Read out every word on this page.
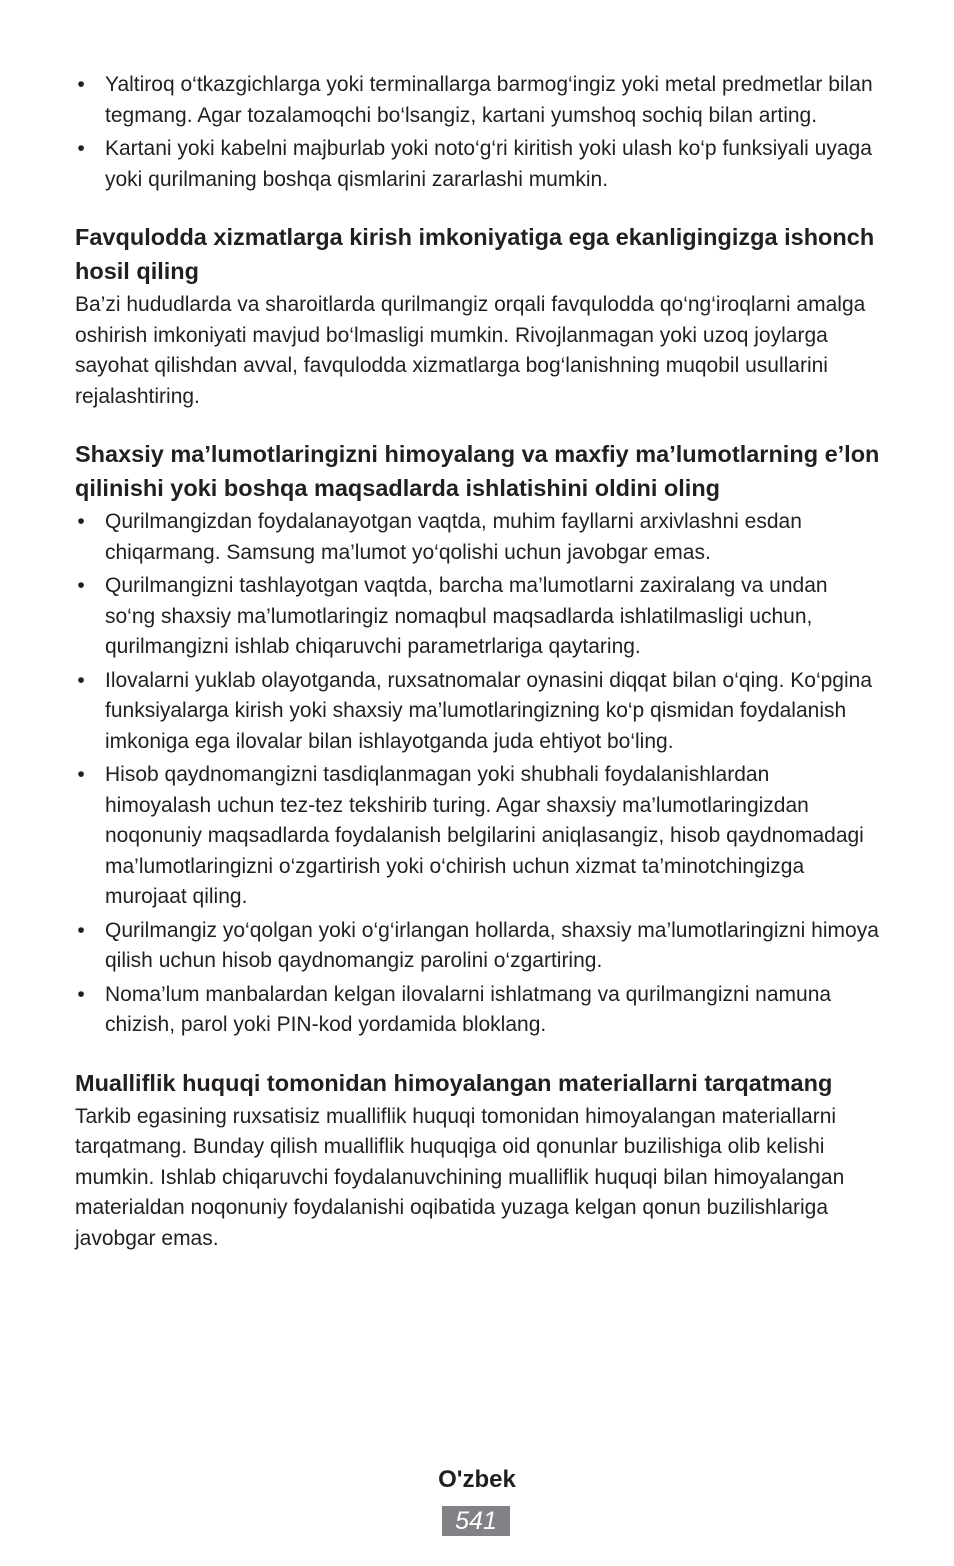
• Yaltiroq o‘tkazgichlarga yoki terminallarga barmog‘ingiz yoki metal predmetlar bilan tegmang. Agar tozalamoqchi bo‘lsangiz, kartani yumshoq sochiq bilan arting.
• Kartani yoki kabelni majburlab yoki noto‘g‘ri kiritish yoki ulash ko‘p funksiyali uyaga yoki qurilmaning boshqa qismlarini zararlashi mumkin.
Favqulodda xizmatlarga kirish imkoniyatiga ega ekanligingizga ishonch hosil qiling

Ba’zi hududlarda va sharoitlarda qurilmangiz orqali favqulodda qo‘ng‘iroqlarni amalga oshirish imkoniyati mavjud bo‘lmasligi mumkin. Rivojlanmagan yoki uzoq joylarga sayohat qilishdan avval, favqulodda xizmatlarga bog‘lanishning muqobil usullarini rejalashtiring.

Shaxsiy ma’lumotlaringizni himoyalang va maxfiy ma’lumotlarning e’lon qilinishi yoki boshqa maqsadlarda ishlatishini oldini oling
• Qurilmangizdan foydalanayotgan vaqtda, muhim fayllarni arxivlashni esdan chiqarmang. Samsung ma’lumot yo‘qolishi uchun javobgar emas.
• Qurilmangizni tashlayotgan vaqtda, barcha ma’lumotlarni zaxiralang va undan so‘ng shaxsiy ma’lumotlaringiz nomaqbul maqsadlarda ishlatilmasligi uchun, qurilmangizni ishlab chiqaruvchi parametrlariga qaytaring.
• Ilovalarni yuklab olayotganda, ruxsatnomalar oynasini diqqat bilan o‘qing. Ko‘pgina funksiyalarga kirish yoki shaxsiy ma’lumotlaringizning ko‘p qismidan foydalanish imkoniga ega ilovalar bilan ishlayotganda juda ehtiyot bo‘ling.
• Hisob qaydnomangizni tasdiqlanmagan yoki shubhali foydalanishlardan himoyalash uchun tez-tez tekshirib turing. Agar shaxsiy ma’lumotlaringizdan noqonuniy maqsadlarda foydalanish belgilarini aniqlasangiz, hisob qaydnomadagi ma’lumotlaringizni o‘zgartirish yoki o‘chirish uchun xizmat ta’minotchingizga murojaat qiling.
• Qurilmangiz yo‘qolgan yoki o‘g‘irlangan hollarda, shaxsiy ma’lumotlaringizni himoya qilish uchun hisob qaydnomangiz parolini o‘zgartiring.
• Noma’lum manbalardan kelgan ilovalarni ishlatmang va qurilmangizni namuna chizish, parol yoki PIN-kod yordamida bloklang.
Mualliflik huquqi tomonidan himoyalangan materiallarni tarqatmang

Tarkib egasining ruxsatisiz mualliflik huquqi tomonidan himoyalangan materiallarni tarqatmang. Bunday qilish mualliflik huquqiga oid qonunlar buzilishiga olib kelishi mumkin. Ishlab chiqaruvchi foydalanuvchining mualliflik huquqi bilan himoyalangan materialdan noqonuniy foydalanishi oqibatida yuzaga kelgan qonun buzilishlariga javobgar emas.

O'zbek
541
